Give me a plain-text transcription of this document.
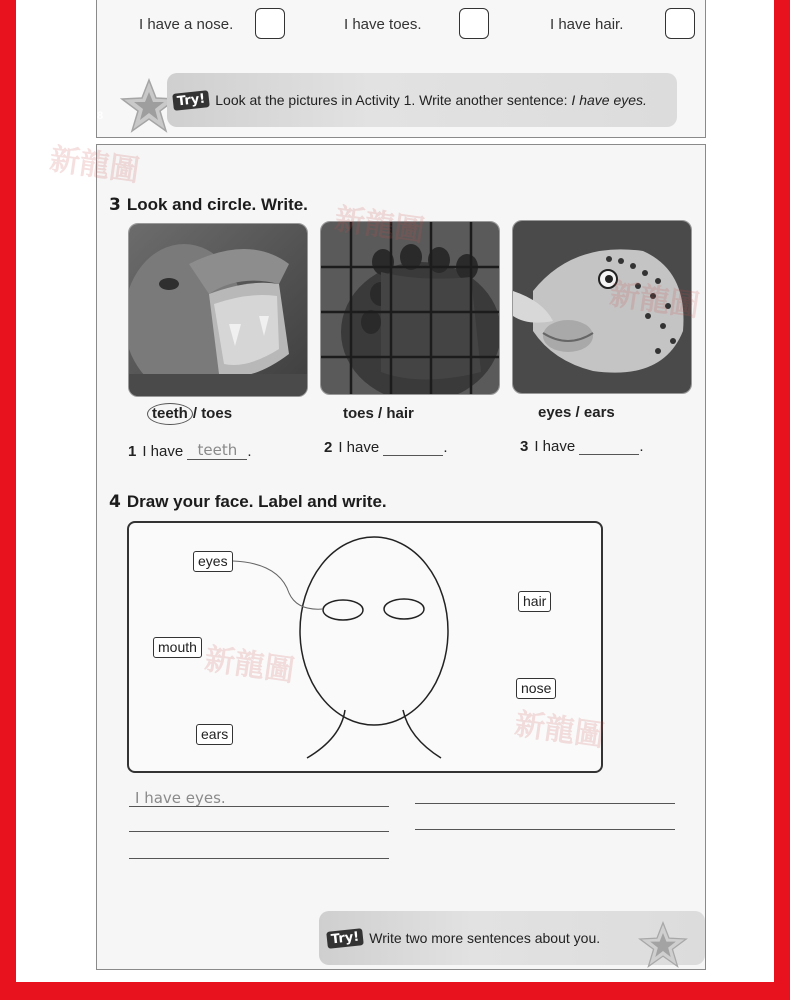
I have a nose.	I have toes.	I have hair.
8
Try! Look at the pictures in Activity 1. Write another sentence: I have eyes.
3 Look and circle. Write.
teeth / toes	toes / hair	eyes / ears
1 I have teeth .	2 I have	.	3 I have	.
4 Draw your face. Label and write.
eyes
mouth
ears
hair
nose
I have eyes.
Try! Write two more sentences about you.
